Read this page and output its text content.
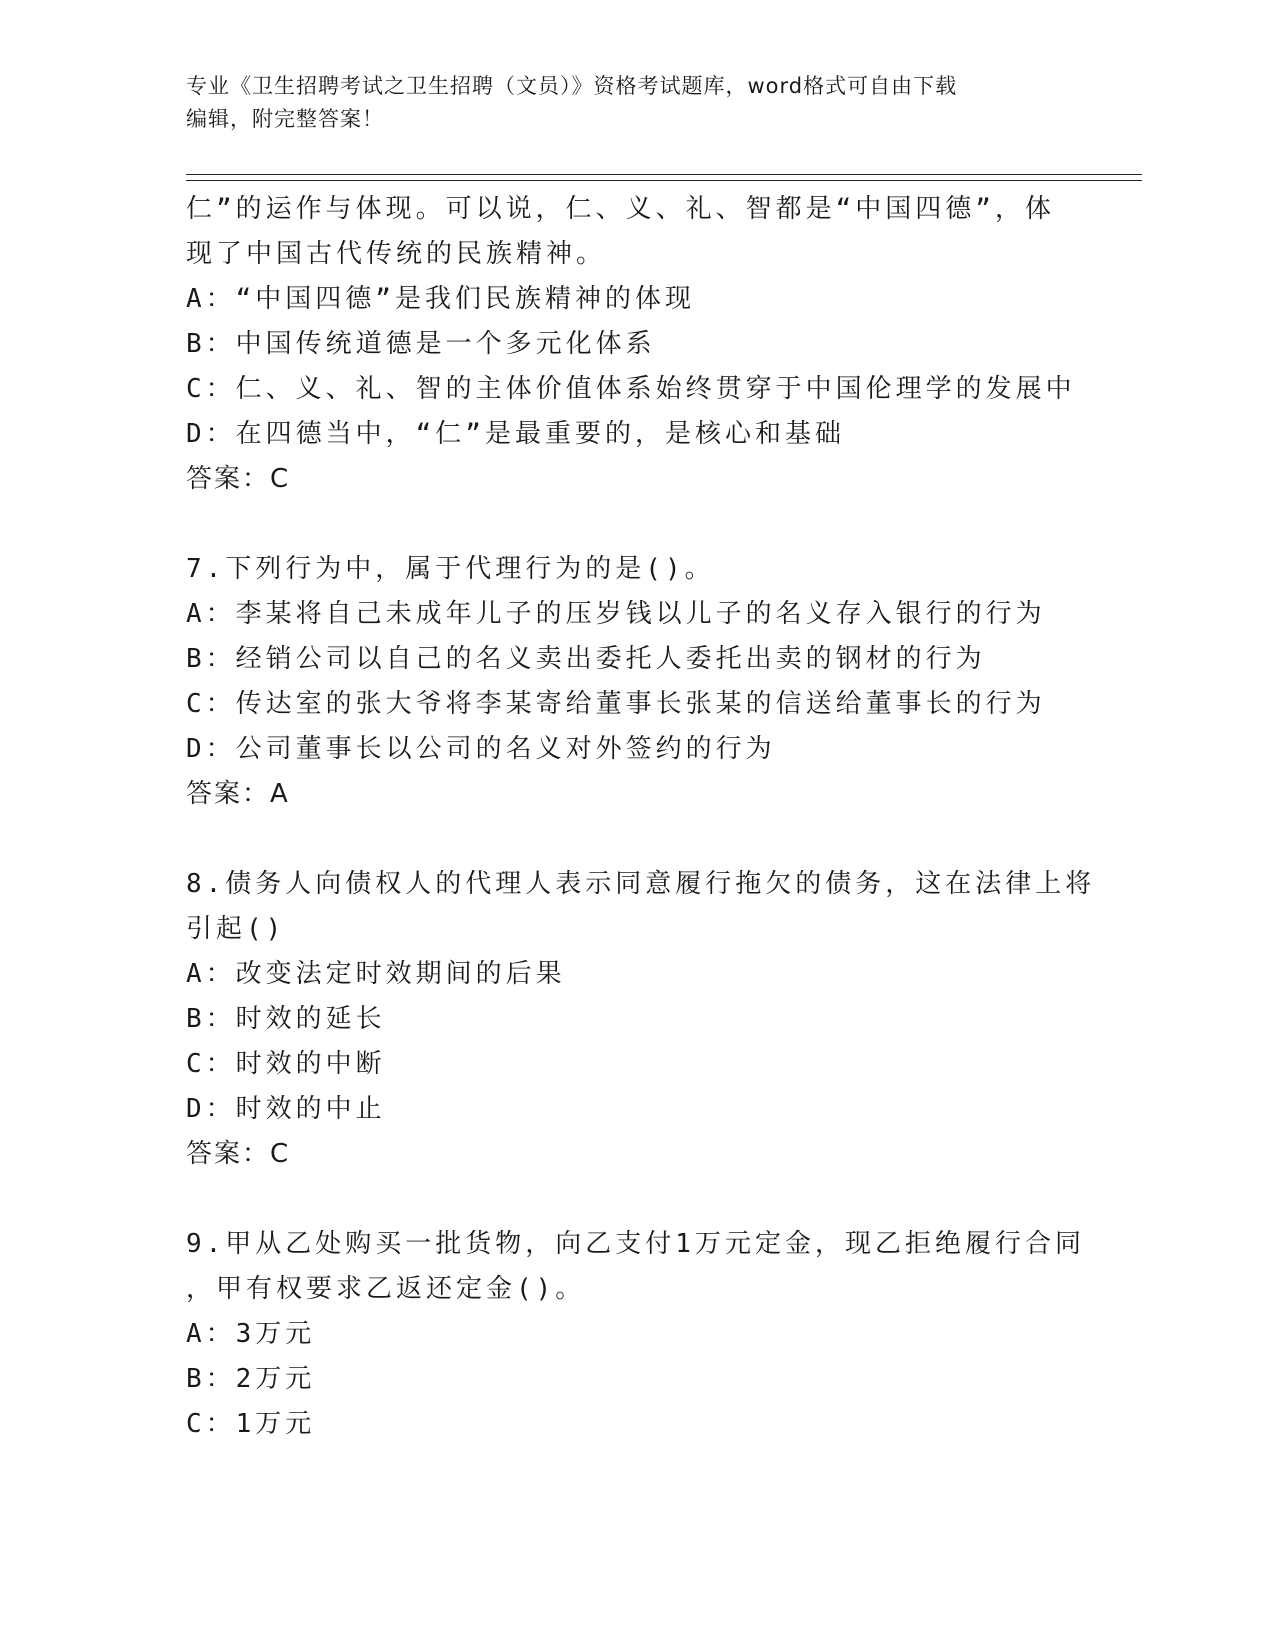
专业《卫生招聘考试之卫生招聘（文员）》资格考试题库，word格式可自由下载
编辑，附完整答案！
仁”的运作与体现。可以说，仁、义、礼、智都是“中国四德”，体
现了中国古代传统的民族精神。
A：“中国四德”是我们民族精神的体现
B：中国传统道德是一个多元化体系
C：仁、义、礼、智的主体价值体系始终贯穿于中国伦理学的发展中
D：在四德当中，“仁”是最重要的，是核心和基础
答案：C
7.下列行为中，属于代理行为的是()。
A：李某将自己未成年儿子的压岁钱以儿子的名义存入银行的行为
B：经销公司以自己的名义卖出委托人委托出卖的钢材的行为
C：传达室的张大爷将李某寄给董事长张某的信送给董事长的行为
D：公司董事长以公司的名义对外签约的行为
答案：A
8.债务人向债权人的代理人表示同意履行拖欠的债务，这在法律上将
引起()
A：改变法定时效期间的后果
B：时效的延长
C：时效的中断
D：时效的中止
答案：C
9.甲从乙处购买一批货物，向乙支付1万元定金，现乙拒绝履行合同
，甲有权要求乙返还定金()。
A：3万元
B：2万元
C：1万元
